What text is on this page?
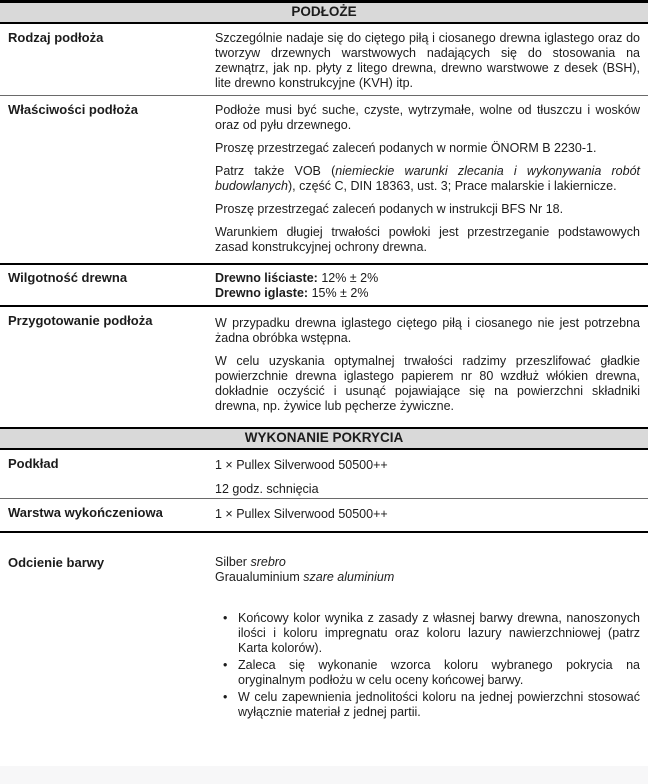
PODŁOŻE
Rodzaj podłoża	Szczególnie nadaje się do ciętego piłą i ciosanego drewna iglastego oraz do tworzyw drzewnych warstwowych nadających się do stosowania na zewnątrz, jak np. płyty z litego drewna, drewno warstwowe z desek (BSH), lite drewno konstrukcyjne (KVH) itp.

Właściwości podłoża	Podłoże musi być suche, czyste, wytrzymałe, wolne od tłuszczu i wosków oraz od pyłu drzewnego.

Proszę przestrzegać zaleceń podanych w normie ÖNORM B 2230-1.

Patrz także VOB (niemieckie warunki zlecania i wykonywania robót budowlanych), część C, DIN 18363, ust. 3; Prace malarskie i lakiernicze.

Proszę przestrzegać zaleceń podanych w instrukcji BFS Nr 18.

Warunkiem długiej trwałości powłoki jest przestrzeganie podstawowych zasad konstrukcyjnej ochrony drewna.

Wilgotność drewna	Drewno liściaste: 12% ± 2%
Drewno iglaste: 15% ± 2%
Przygotowanie podłoża	W przypadku drewna iglastego ciętego piłą i ciosanego nie jest potrzebna żadna obróbka wstępna.

W celu uzyskania optymalnej trwałości radzimy przeszlifować gładkie powierzchnie drewna iglastego papierem nr 80 wzdłuż włókien drewna, dokładnie oczyścić i usunąć pojawiające się na powierzchni składniki drewna, np. żywice lub pęcherze żywiczne.

WYKONANIE POKRYCIA
Podkład	1 × Pullex Silverwood 50500++

12 godz. schnięcia

Warstwa wykończeniowa	1 × Pullex Silverwood 50500++

Odcienie barwy	Silber srebro
Graualuminium szare aluminium
• Końcowy kolor wynika z zasady z własnej barwy drewna, nanoszonych ilości i koloru impregnatu oraz koloru lazury nawierzchniowej (patrz Karta kolorów).
• Zaleca się wykonanie wzorca koloru wybranego pokrycia na oryginalnym podłożu w celu oceny końcowej barwy.
• W celu zapewnienia jednolitości koloru na jednej powierzchni stosować wyłącznie materiał z jednej partii.
